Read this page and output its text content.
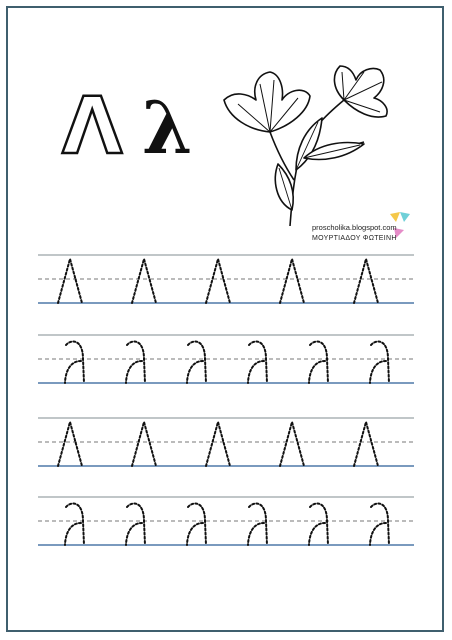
Λ λ
proscholika.blogspot.com
ΜΟΥΡΤΙΑΔΟΥ ΦΩΤΕΙΝΗ
